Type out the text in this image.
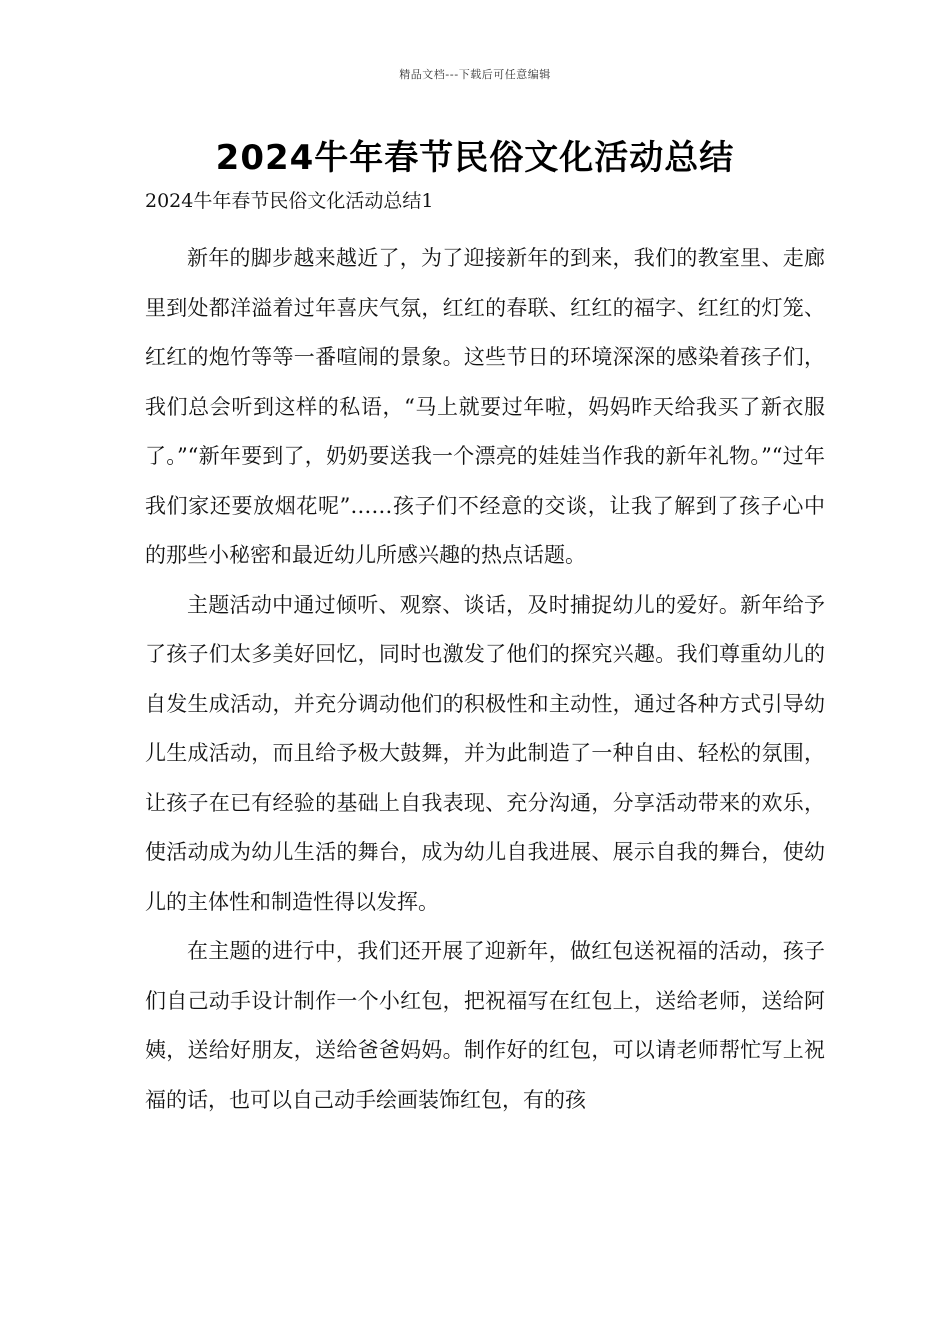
精品文档---下载后可任意编辑
2024牛年春节民俗文化活动总结
2024牛年春节民俗文化活动总结1

新年的脚步越来越近了，为了迎接新年的到来，我们的教室里、走廊里到处都洋溢着过年喜庆气氛，红红的春联、红红的福字、红红的灯笼、红红的炮竹等等一番喧闹的景象。这些节日的环境深深的感染着孩子们，我们总会听到这样的私语，“马上就要过年啦，妈妈昨天给我买了新衣服了。”“新年要到了，奶奶要送我一个漂亮的娃娃当作我的新年礼物。”“过年我们家还要放烟花呢”……孩子们不经意的交谈，让我了解到了孩子心中的那些小秘密和最近幼儿所感兴趣的热点话题。

主题活动中通过倾听、观察、谈话，及时捕捉幼儿的爱好。新年给予了孩子们太多美好回忆，同时也激发了他们的探究兴趣。我们尊重幼儿的自发生成活动，并充分调动他们的积极性和主动性，通过各种方式引导幼儿生成活动，而且给予极大鼓舞，并为此制造了一种自由、轻松的氛围，让孩子在已有经验的基础上自我表现、充分沟通，分享活动带来的欢乐，使活动成为幼儿生活的舞台，成为幼儿自我进展、展示自我的舞台，使幼儿的主体性和制造性得以发挥。

在主题的进行中，我们还开展了迎新年，做红包送祝福的活动，孩子们自己动手设计制作一个小红包，把祝福写在红包上，送给老师，送给阿姨，送给好朋友，送给爸爸妈妈。制作好的红包，可以请老师帮忙写上祝福的话，也可以自己动手绘画装饰红包，有的孩
